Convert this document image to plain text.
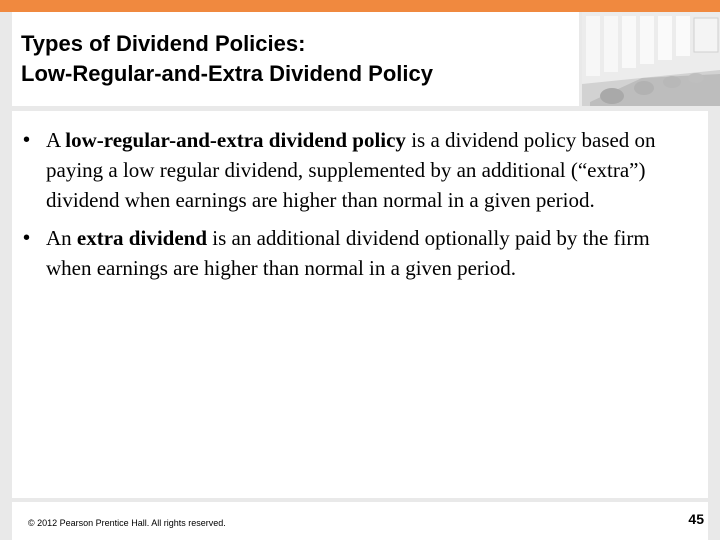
Types of Dividend Policies:
Low-Regular-and-Extra Dividend Policy
• A low-regular-and-extra dividend policy is a dividend policy based on paying a low regular dividend, supplemented by an additional (“extra”) dividend when earnings are higher than normal in a given period.
• An extra dividend is an additional dividend optionally paid by the firm when earnings are higher than normal in a given period.
© 2012 Pearson Prentice Hall. All rights reserved.	45
